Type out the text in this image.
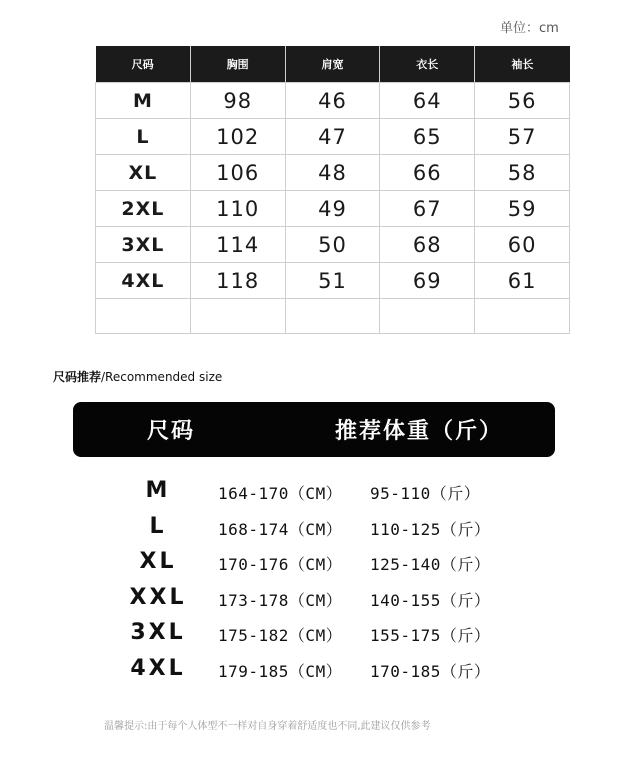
单位：cm
尺码	胸围	肩宽	衣长	袖长
M	98	46	64	56
L	102	47	65	57
XL	106	48	66	58
2XL	110	49	67	59
3XL	114	50	68	60
4XL	118	51	69	61

尺码推荐/Recommended size
尺码	推荐体重（斤）
M	164-170（CM） 95-110（斤）
L	168-174（CM） 110-125（斤）
XL	170-176（CM） 125-140（斤）
XXL	173-178（CM） 140-155（斤）
3XL	175-182（CM） 155-175（斤）
4XL	179-185（CM） 170-185（斤）
温馨提示:由于每个人体型不一样对自身穿着舒适度也不同,此建议仅供参考
